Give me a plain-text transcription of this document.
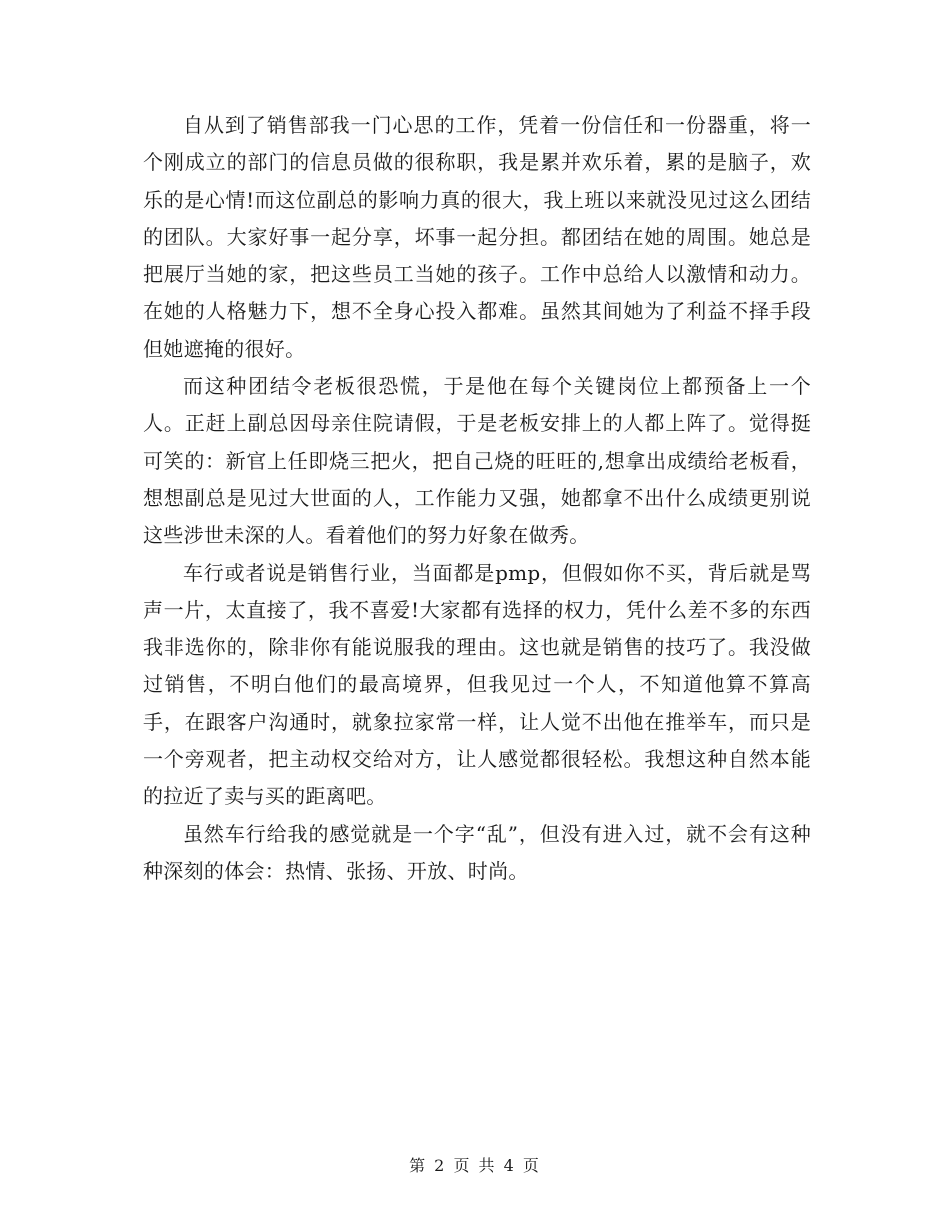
自从到了销售部我一门心思的工作，凭着一份信任和一份器重，将一个刚成立的部门的信息员做的很称职，我是累并欢乐着，累的是脑子，欢乐的是心情!而这位副总的影响力真的很大，我上班以来就没见过这么团结的团队。大家好事一起分享，坏事一起分担。都团结在她的周围。她总是把展厅当她的家，把这些员工当她的孩子。工作中总给人以激情和动力。在她的人格魅力下，想不全身心投入都难。虽然其间她为了利益不择手段但她遮掩的很好。

而这种团结令老板很恐慌，于是他在每个关键岗位上都预备上一个人。正赶上副总因母亲住院请假，于是老板安排上的人都上阵了。觉得挺可笑的：新官上任即烧三把火，把自己烧的旺旺的,想拿出成绩给老板看，想想副总是见过大世面的人，工作能力又强，她都拿不出什么成绩更别说这些涉世未深的人。看着他们的努力好象在做秀。

车行或者说是销售行业，当面都是pmp，但假如你不买，背后就是骂声一片，太直接了，我不喜爱!大家都有选择的权力，凭什么差不多的东西我非选你的，除非你有能说服我的理由。这也就是销售的技巧了。我没做过销售，不明白他们的最高境界，但我见过一个人，不知道他算不算高手，在跟客户沟通时，就象拉家常一样，让人觉不出他在推举车，而只是一个旁观者，把主动权交给对方，让人感觉都很轻松。我想这种自然本能的拉近了卖与买的距离吧。

虽然车行给我的感觉就是一个字“乱”，但没有进入过，就不会有这种种深刻的体会：热情、张扬、开放、时尚。

第 2 页 共 4 页
